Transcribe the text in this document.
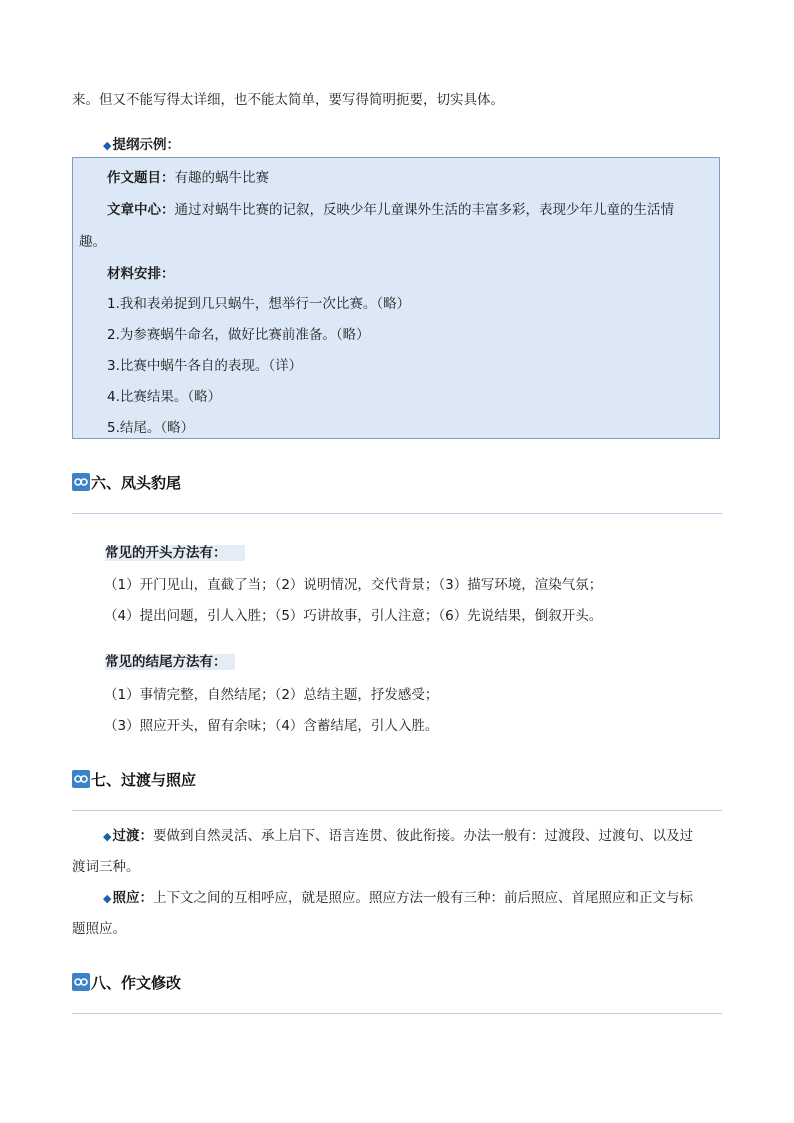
来。但又不能写得太详细，也不能太简单，要写得简明扼要，切实具体。
◆提纲示例：
作文题目：有趣的蜗牛比赛
文章中心：通过对蜗牛比赛的记叙，反映少年儿童课外生活的丰富多彩，表现少年儿童的生活情
趣。
材料安排：
1.我和表弟捉到几只蜗牛，想举行一次比赛。（略）
2.为参赛蜗牛命名，做好比赛前准备。（略）
3.比赛中蜗牛各自的表现。（详）
4.比赛结果。（略）
5.结尾。（略）
六、凤头豹尾
常见的开头方法有：
（1）开门见山，直截了当；（2）说明情况，交代背景；（3）描写环境，渲染气氛；
（4）提出问题，引人入胜；（5）巧讲故事，引人注意；（6）先说结果，倒叙开头。
常见的结尾方法有：
（1）事情完整，自然结尾；（2）总结主题，抒发感受；
（3）照应开头，留有余味；（4）含蓄结尾，引人入胜。
七、过渡与照应
◆过渡：要做到自然灵活、承上启下、语言连贯、彼此衔接。办法一般有：过渡段、过渡句、以及过
渡词三种。
◆照应：上下文之间的互相呼应，就是照应。照应方法一般有三种：前后照应、首尾照应和正文与标
题照应。
八、作文修改
